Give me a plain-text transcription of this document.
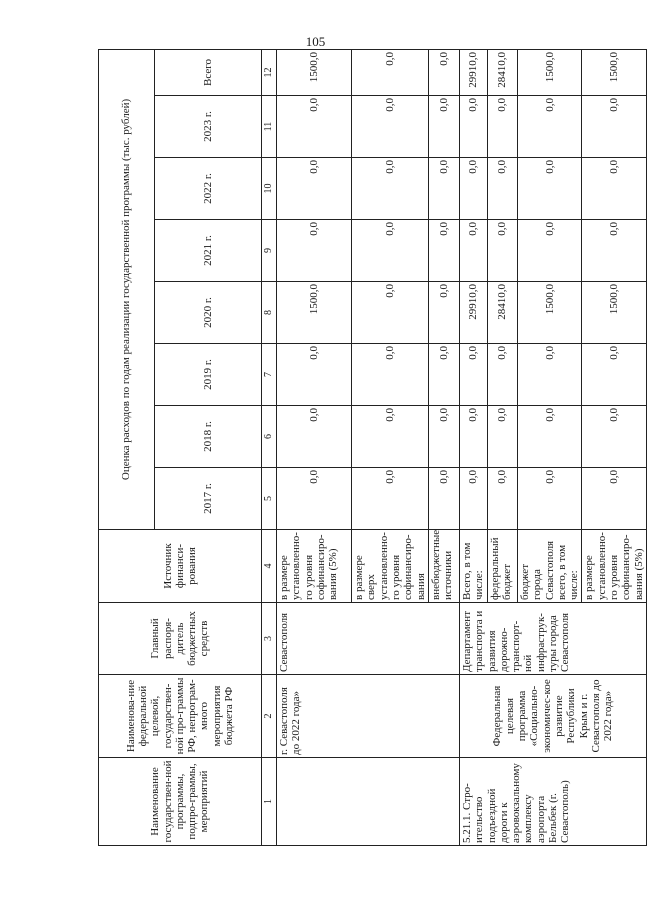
105
Наименование государствен-ной программы, подпро-граммы, мероприятий	Наименова-ние федеральной целевой, государствен-ной про-граммы РФ, непрограм-много мероприятия бюджета РФ	Главный распоря-дитель бюджетных средств	Источник финанси-рования	Оценка расходов по годам реализации государственной программы (тыс. рублей)							
				2017 г.	2018 г.	2019 г.	2020 г.	2021 г.	2022 г.	2023 г.	Всего
1	2	3	4	5	6	7	8	9	10	11	12
	г. Севастополя до 2022 года»	Севастополя	в размере установленно-го уровня софинансиро-вания (5%)	0,0	0,0	0,0	1500,0	0,0	0,0	0,0	1500,0
			в размере сверх установленно-го уровня софинансиро-вания	0,0	0,0	0,0	0,0	0,0	0,0	0,0	0,0
			внебюджетные источники	0,0	0,0	0,0	0,0	0,0	0,0	0,0	0,0
5.21.1. Стро-ительство подъездной дороги к аэровокзальному комплексу аэропорта Бельбек (г. Севастополь)	Федеральная целевая программа «Социально-экономичес-кое развитие Республики Крым и г. Севастополя до 2022 года»	Департамент транспорта и развития дорожно-транспорт-ной инфраструк-туры города Севастополя	Всего, в том числе:	0,0	0,0	0,0	29910,0	0,0	0,0	0,0	29910,0
			федеральный бюджет	0,0	0,0	0,0	28410,0	0,0	0,0	0,0	28410,0
			бюджет города Севастополя всего, в том числе:	0,0	0,0	0,0	1500,0	0,0	0,0	0,0	1500,0
			в размере установленно-го уровня софинансиро-вания (5%)	0,0	0,0	0,0	1500,0	0,0	0,0	0,0	1500,0
